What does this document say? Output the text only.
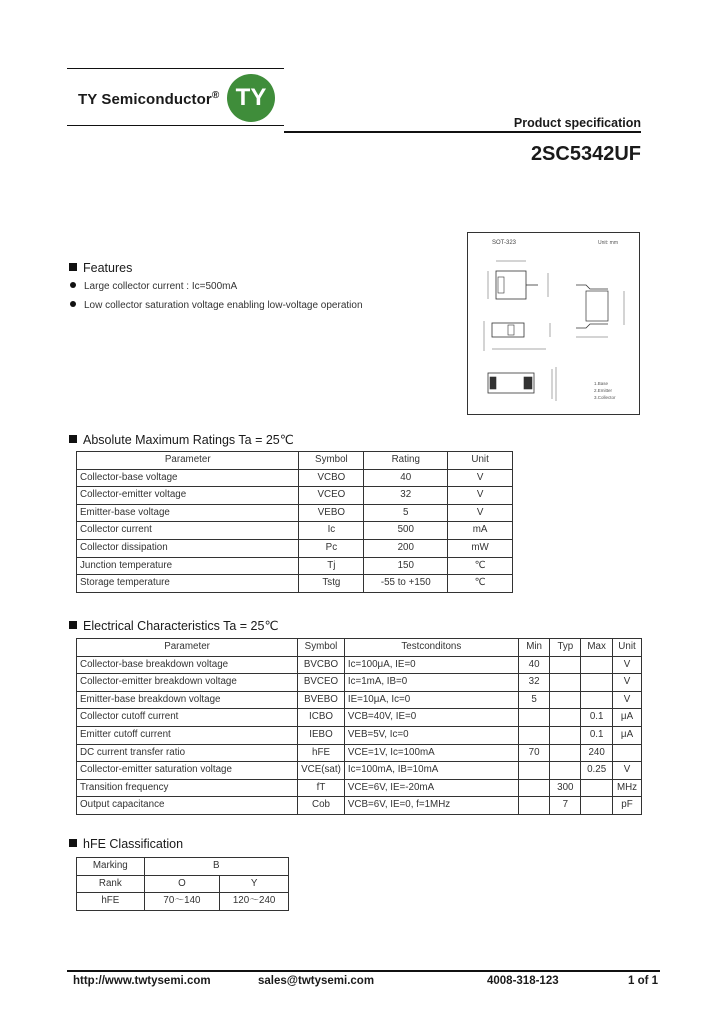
TY Semiconductor® TY
Product specification
2SC5342UF
Features
Large collector current : Ic=500mA
Low collector saturation voltage enabling low-voltage operation
SOT-323	Unit: mm
1.Base
2.Emitter
3.Collector
Absolute Maximum Ratings Ta = 25℃
Parameter	Symbol	Rating	Unit
Collector-base voltage	VCBO	40	V
Collector-emitter voltage	VCEO	32	V
Emitter-base voltage	VEBO	5	V
Collector current	Ic	500	mA
Collector dissipation	Pc	200	mW
Junction temperature	Tj	150	℃
Storage temperature	Tstg	-55 to +150	℃
Electrical Characteristics Ta = 25℃
Parameter	Symbol	Testconditons	Min	Typ	Max	Unit
Collector-base breakdown voltage	BVCBO	Ic=100μA, IE=0	40			V
Collector-emitter breakdown voltage	BVCEO	Ic=1mA, IB=0	32			V
Emitter-base breakdown voltage	BVEBO	IE=10μA, Ic=0	5			V
Collector cutoff current	ICBO	VCB=40V, IE=0			0.1	μA
Emitter cutoff current	IEBO	VEB=5V, Ic=0			0.1	μA
DC current transfer ratio	hFE	VCE=1V, Ic=100mA	70		240	
Collector-emitter saturation voltage	VCE(sat)	Ic=100mA, IB=10mA			0.25	V
Transition frequency	fT	VCE=6V, IE=-20mA		300		MHz
Output capacitance	Cob	VCB=6V, IE=0, f=1MHz		7		pF
hFE Classification
Marking	B	
Rank	O	Y
hFE	70～140	120～240
http://www.twtysemi.com	sales@twtysemi.com	4008-318-123	1 of 1
